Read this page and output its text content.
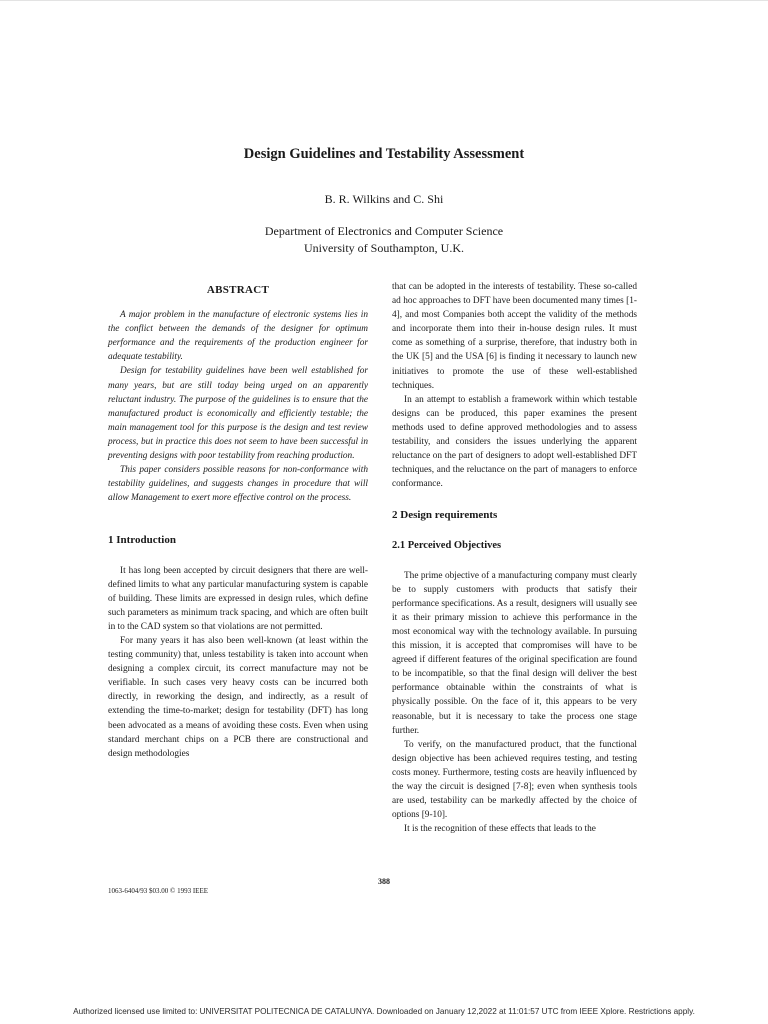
Design Guidelines and Testability Assessment

B. R. Wilkins and C. Shi

Department of Electronics and Computer Science
University of Southampton, U.K.
ABSTRACT

A major problem in the manufacture of electronic systems lies in the conflict between the demands of the designer for optimum performance and the requirements of the production engineer for adequate testability.

Design for testability guidelines have been well established for many years, but are still today being urged on an apparently reluctant industry. The purpose of the guidelines is to ensure that the manufactured product is economically and efficiently testable; the main management tool for this purpose is the design and test review process, but in practice this does not seem to have been successful in preventing designs with poor testability from reaching production.

This paper considers possible reasons for non-conformance with testability guidelines, and suggests changes in procedure that will allow Management to exert more effective control on the process.

1 Introduction

It has long been accepted by circuit designers that there are well-defined limits to what any particular manufacturing system is capable of building. These limits are expressed in design rules, which define such parameters as minimum track spacing, and which are often built in to the CAD system so that violations are not permitted.

For many years it has also been well-known (at least within the testing community) that, unless testability is taken into account when designing a complex circuit, its correct manufacture may not be verifiable. In such cases very heavy costs can be incurred both directly, in reworking the design, and indirectly, as a result of extending the time-to-market; design for testability (DFT) has long been advocated as a means of avoiding these costs. Even when using standard merchant chips on a PCB there are constructional and design methodologies

that can be adopted in the interests of testability. These so-called ad hoc approaches to DFT have been documented many times [1-4], and most Companies both accept the validity of the methods and incorporate them into their in-house design rules. It must come as something of a surprise, therefore, that industry both in the UK [5] and the USA [6] is finding it necessary to launch new initiatives to promote the use of these well-established techniques.

In an attempt to establish a framework within which testable designs can be produced, this paper examines the present methods used to define approved methodologies and to assess testability, and considers the issues underlying the apparent reluctance on the part of designers to adopt well-established DFT techniques, and the reluctance on the part of managers to enforce conformance.

2 Design requirements
2.1 Perceived Objectives

The prime objective of a manufacturing company must clearly be to supply customers with products that satisfy their performance specifications. As a result, designers will usually see it as their primary mission to achieve this performance in the most economical way with the technology available. In pursuing this mission, it is accepted that compromises will have to be agreed if different features of the original specification are found to be incompatible, so that the final design will deliver the best performance obtainable within the constraints of what is physically possible. On the face of it, this appears to be very reasonable, but it is necessary to take the process one stage further.

To verify, on the manufactured product, that the functional design objective has been achieved requires testing, and testing costs money. Furthermore, testing costs are heavily influenced by the way the circuit is designed [7-8]; even when synthesis tools are used, testability can be markedly affected by the choice of options [9-10].

It is the recognition of these effects that leads to the

388
1063-6404/93 $03.00 © 1993 IEEE
Authorized licensed use limited to: UNIVERSITAT POLITECNICA DE CATALUNYA. Downloaded on January 12,2022 at 11:01:57 UTC from IEEE Xplore. Restrictions apply.
